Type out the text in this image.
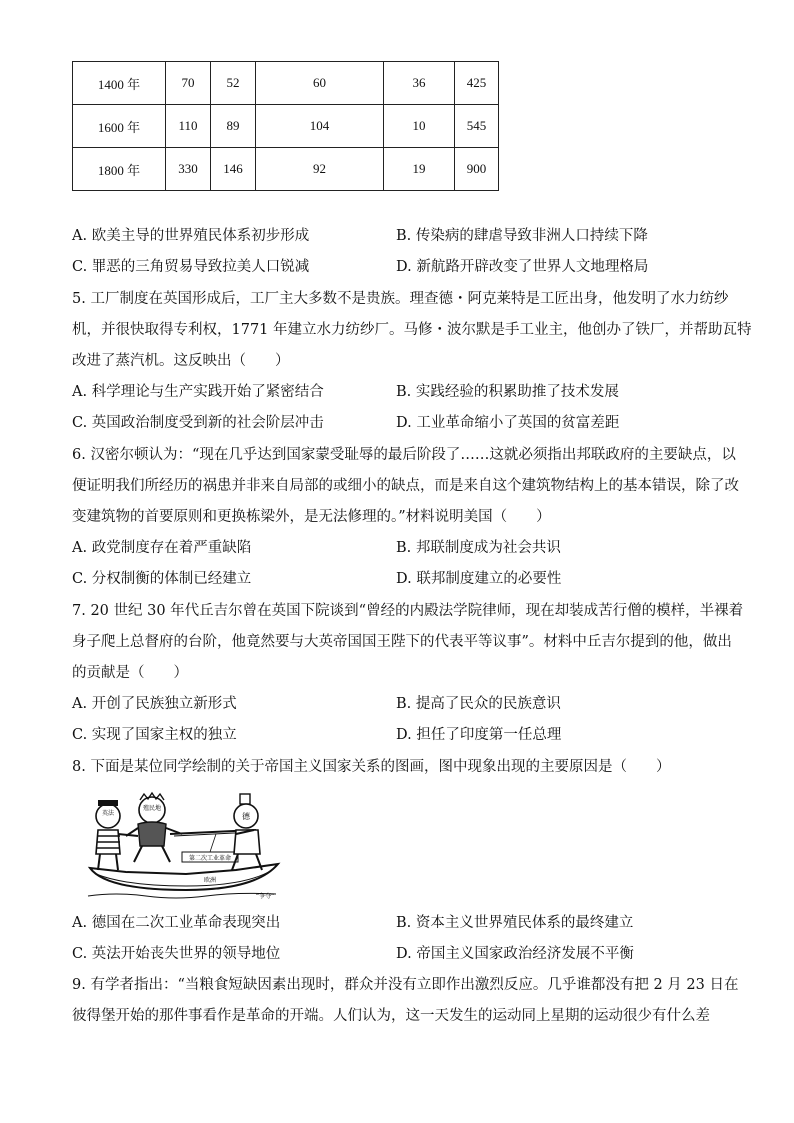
1400 年	70	52	60	36	425
1600 年	110	89	104	10	545
1800 年	330	146	92	19	900
A. 欧美主导的世界殖民体系初步形成	B. 传染病的肆虐导致非洲人口持续下降
C. 罪恶的三角贸易导致拉美人口锐减	D. 新航路开辟改变了世界人文地理格局
5. 工厂制度在英国形成后，工厂主大多数不是贵族。理查德・阿克莱特是工匠出身，他发明了水力纺纱
机，并很快取得专利权，1771 年建立水力纺纱厂。马修・波尔默是手工业主，他创办了铁厂，并帮助瓦特
改进了蒸汽机。这反映出（　　）
A. 科学理论与生产实践开始了紧密结合	B. 实践经验的积累助推了技术发展
C. 英国政治制度受到新的社会阶层冲击	D. 工业革命缩小了英国的贫富差距
6. 汉密尔顿认为：“现在几乎达到国家蒙受耻辱的最后阶段了……这就必须指出邦联政府的主要缺点，以
便证明我们所经历的祸患并非来自局部的或细小的缺点，而是来自这个建筑物结构上的基本错误，除了改
变建筑物的首要原则和更换栋梁外，是无法修理的。”材料说明美国（　　）
A. 政党制度存在着严重缺陷	B. 邦联制度成为社会共识
C. 分权制衡的体制已经建立	D. 联邦制度建立的必要性
7. 20 世纪 30 年代丘吉尔曾在英国下院谈到“曾经的内殿法学院律师，现在却装成苦行僧的模样，半裸着
身子爬上总督府的台阶，他竟然要与大英帝国国王陛下的代表平等议事”。材料中丘吉尔提到的他，做出
的贡献是（　　）
A. 开创了民族独立新形式	B. 提高了民众的民族意识
C. 实现了国家主权的独立	D. 担任了印度第一任总理
8. 下面是某位同学绘制的关于帝国主义国家关系的图画，图中现象出现的主要原因是（　　）
英法
殖民地
第二次工业革命
德
欧洲
“争夺”
A. 德国在二次工业革命表现突出	B. 资本主义世界殖民体系的最终建立
C. 英法开始丧失世界的领导地位	D. 帝国主义国家政治经济发展不平衡
9. 有学者指出：“当粮食短缺因素出现时，群众并没有立即作出激烈反应。几乎谁都没有把 2 月 23 日在
彼得堡开始的那件事看作是革命的开端。人们认为，这一天发生的运动同上星期的运动很少有什么差
